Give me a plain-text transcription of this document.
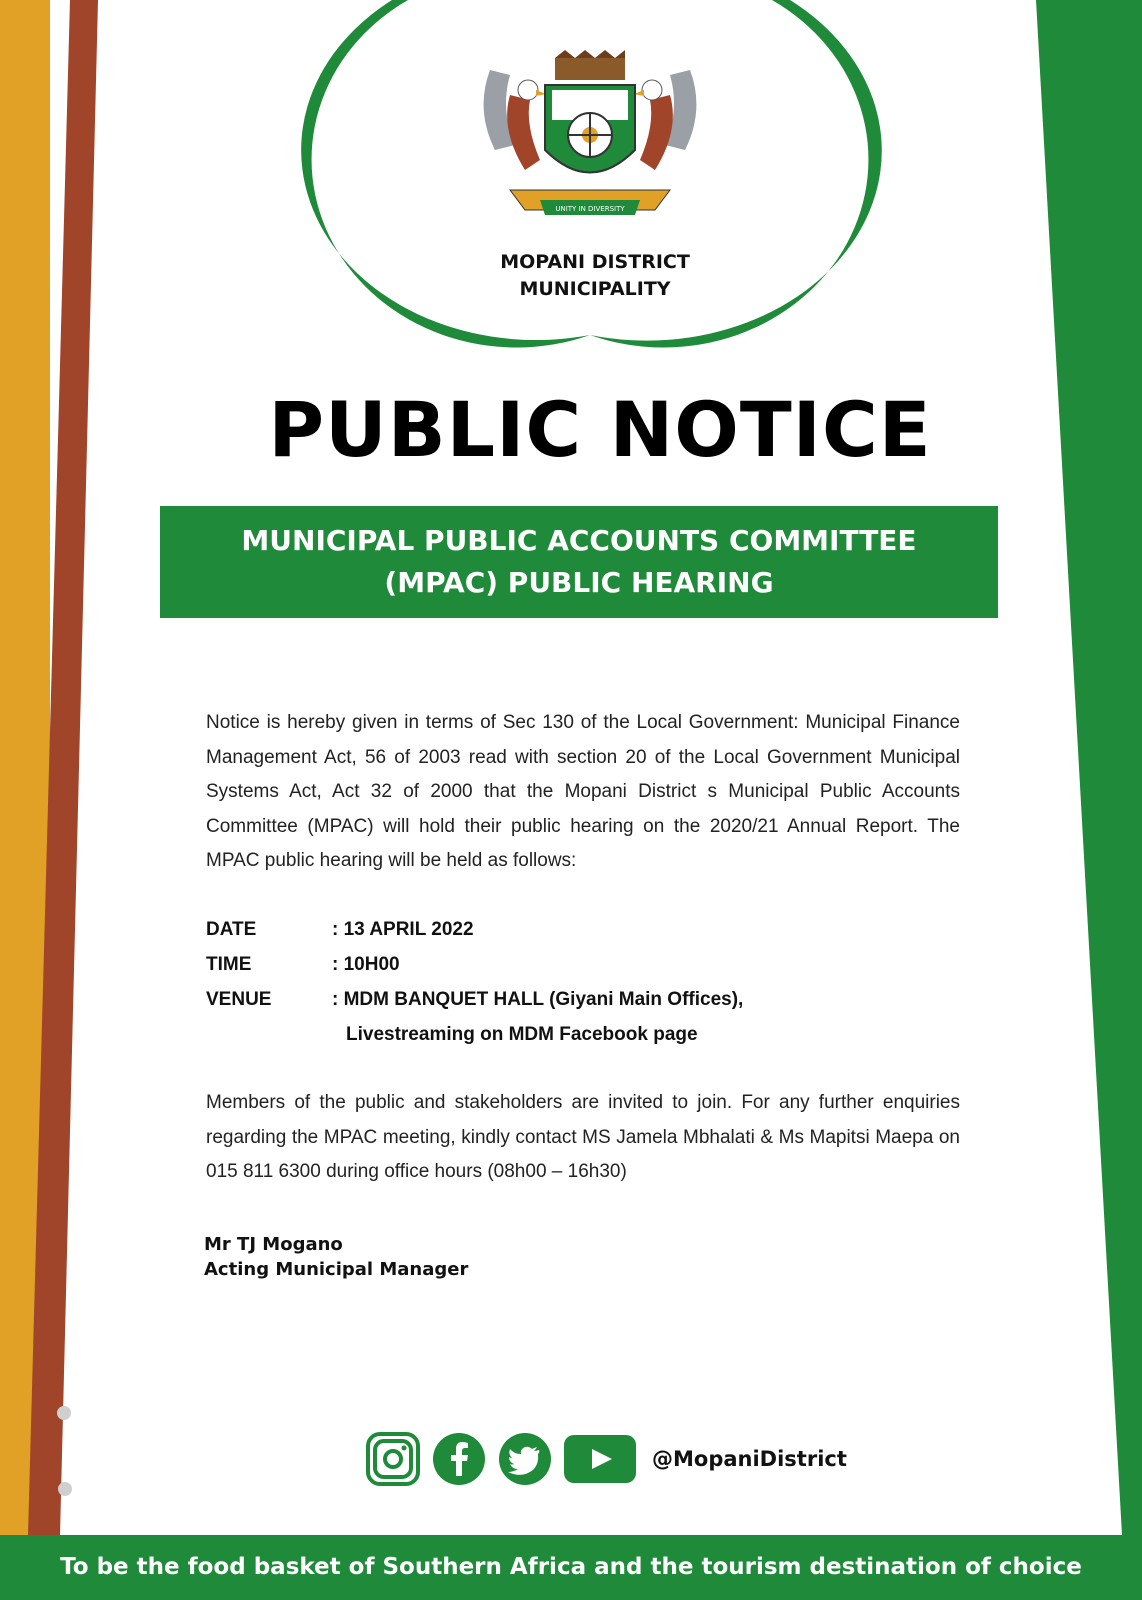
UNITY IN DIVERSITY

MOPANI DISTRICT
MUNICIPALITY

PUBLIC NOTICE
MUNICIPAL PUBLIC ACCOUNTS COMMITTEE
(MPAC) PUBLIC HEARING

Notice is hereby given in terms of Sec 130 of the Local Government: Municipal Finance Management Act, 56 of 2003 read with section 20 of the Local Government Municipal Systems Act, Act 32 of 2000 that the Mopani District s Municipal Public Accounts Committee (MPAC) will hold their public hearing on the 2020/21 Annual Report. The MPAC public hearing will be held as follows:

DATE	: 13 APRIL 2022
TIME	: 10H00
VENUE	: MDM BANQUET HALL (Giyani Main Offices),
Livestreaming on MDM Facebook page

Members of the public and stakeholders are invited to join. For any further enquiries regarding the MPAC meeting, kindly contact MS Jamela Mbhalati & Ms Mapitsi Maepa on 015 811 6300 during office hours (08h00 – 16h30)

Mr TJ Mogano
Acting Municipal Manager
@MopaniDistrict
To be the food basket of Southern Africa and the tourism destination of choice
